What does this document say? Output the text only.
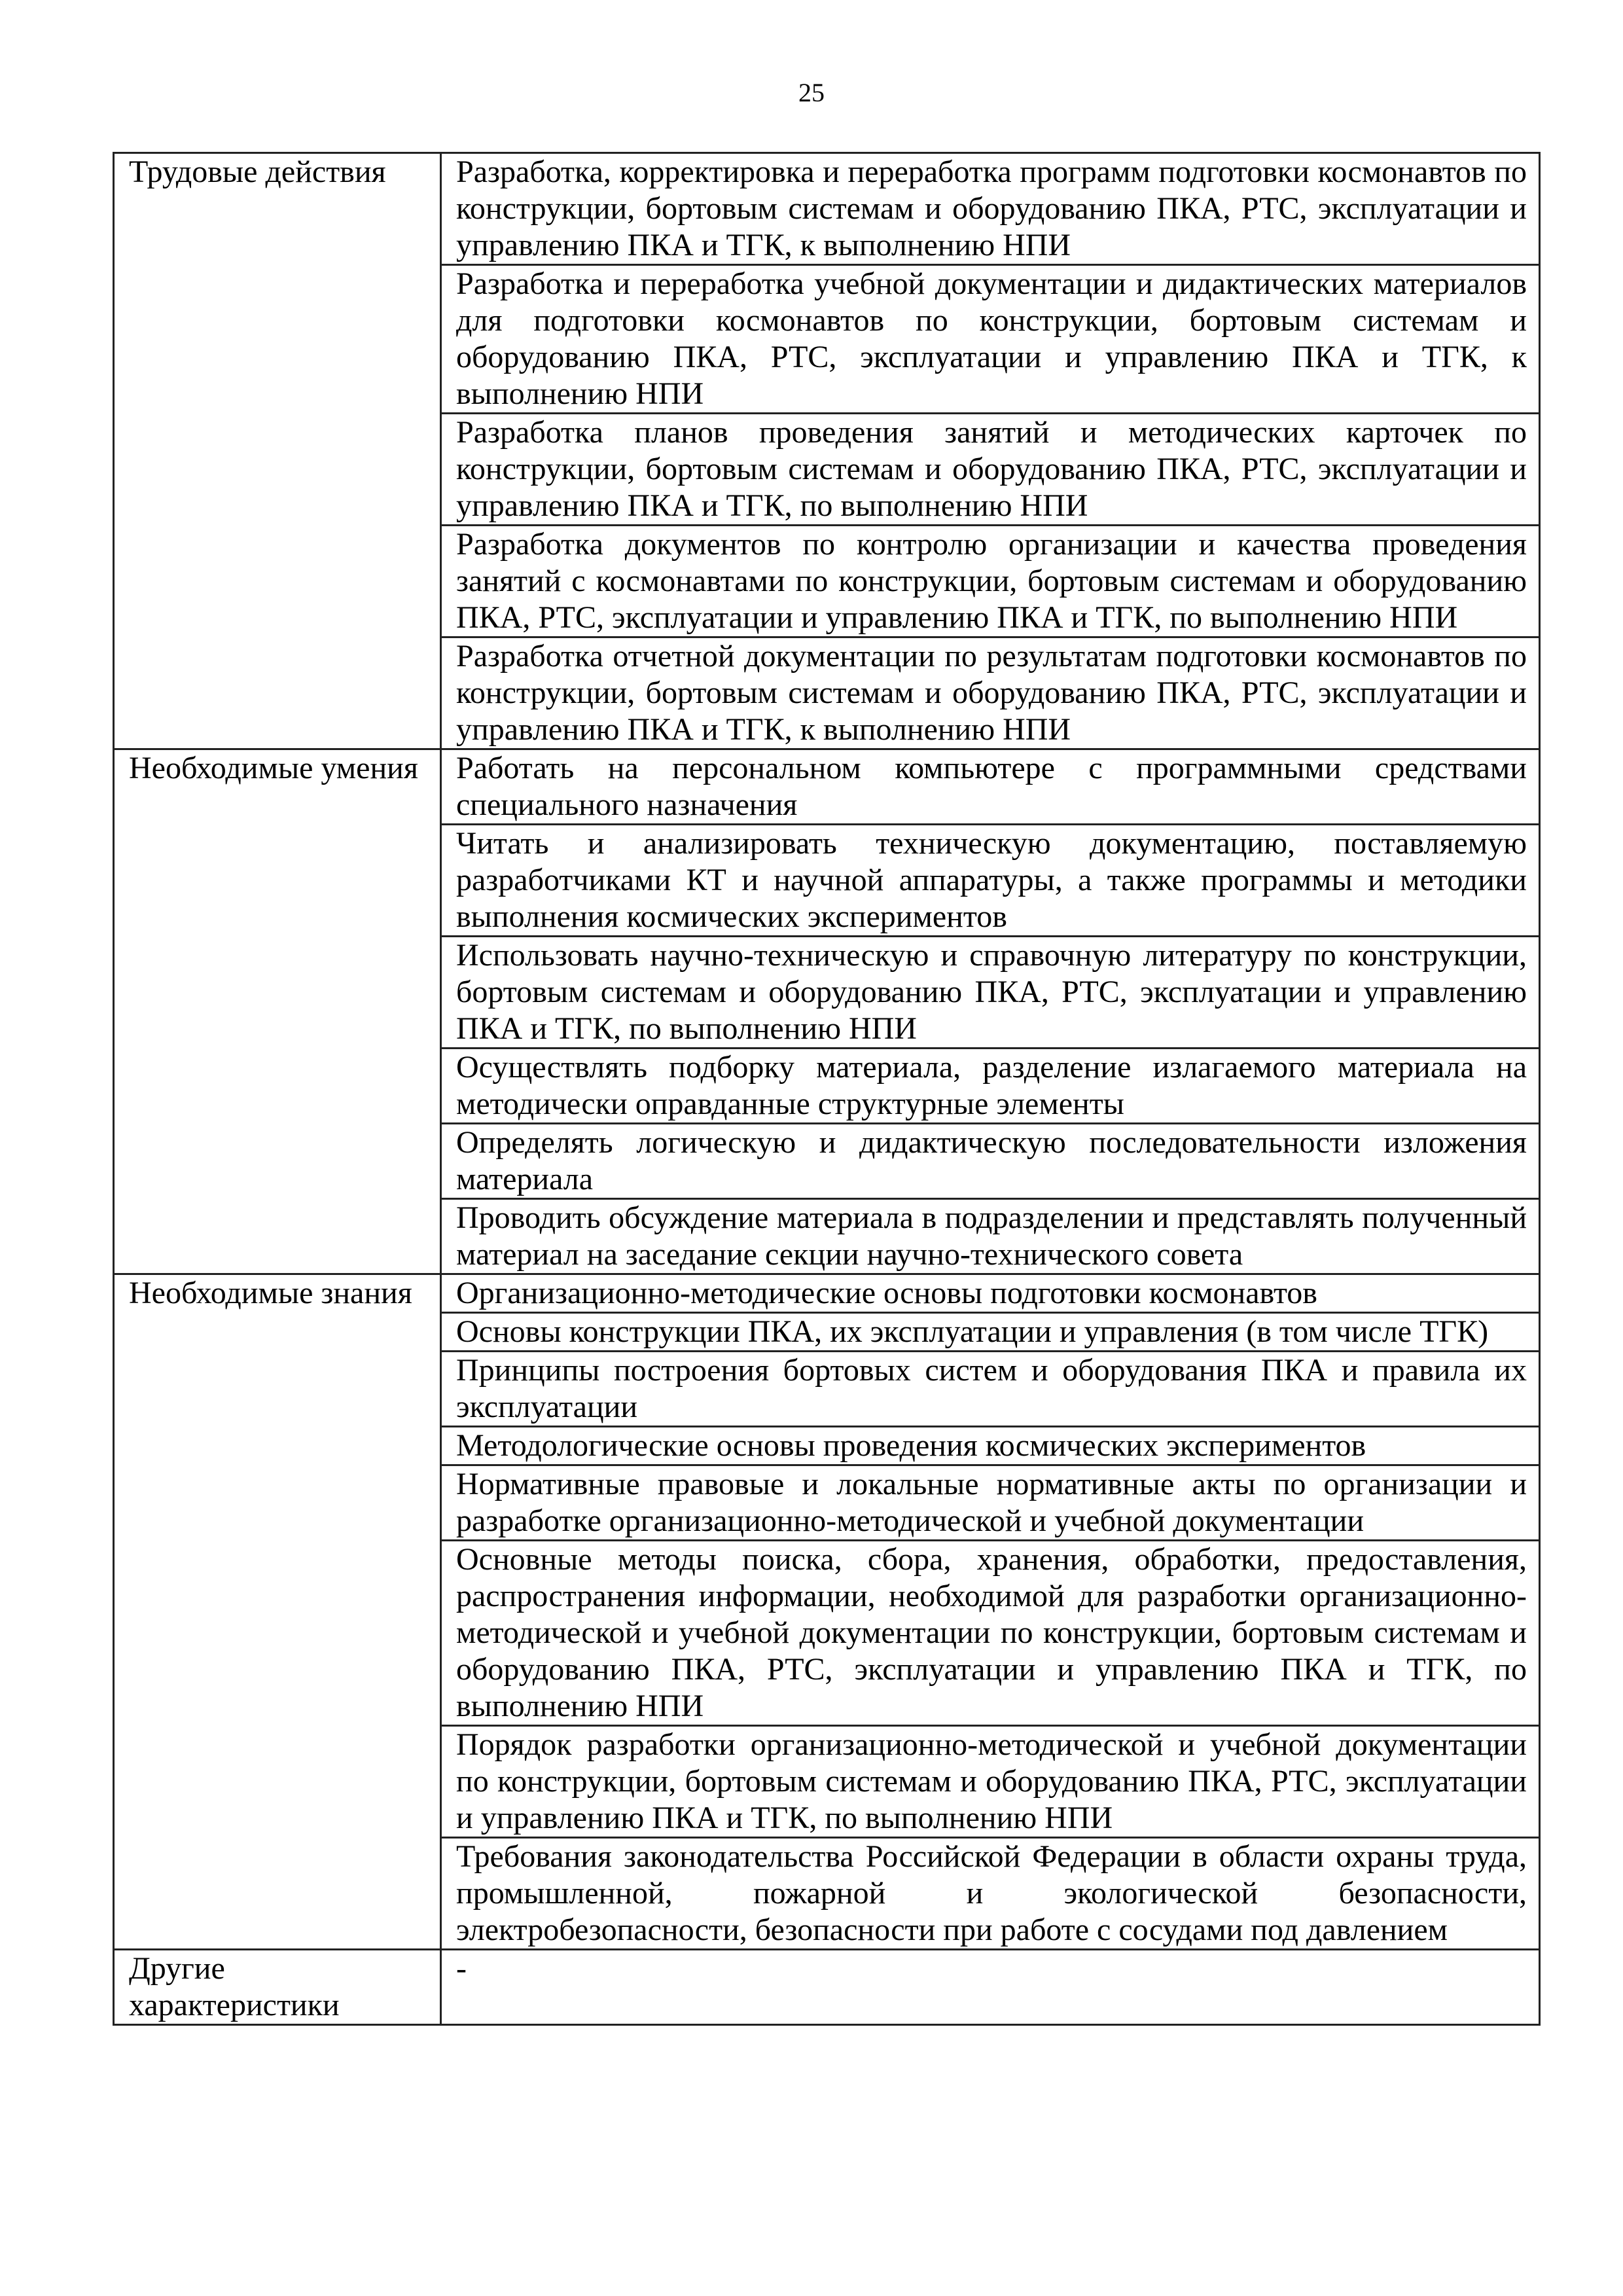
25
Трудовые действия	Разработка, корректировка и переработка программ подготовки космонавтов по конструкции, бортовым системам и оборудованию ПКА, РТС, эксплуатации и управлению ПКА и ТГК, к выполнению НПИ
	Разработка и переработка учебной документации и дидактических материалов для подготовки космонавтов по конструкции, бортовым системам и оборудованию ПКА, РТС, эксплуатации и управлению ПКА и ТГК, к выполнению НПИ
	Разработка планов проведения занятий и методических карточек по конструкции, бортовым системам и оборудованию ПКА, РТС, эксплуатации и управлению ПКА и ТГК, по выполнению НПИ
	Разработка документов по контролю организации и качества проведения занятий с космонавтами по конструкции, бортовым системам и оборудованию ПКА, РТС, эксплуатации и управлению ПКА и ТГК, по выполнению НПИ
	Разработка отчетной документации по результатам подготовки космонавтов по конструкции, бортовым системам и оборудованию ПКА, РТС, эксплуатации и управлению ПКА и ТГК, к выполнению НПИ
Необходимые умения	Работать на персональном компьютере с программными средствами специального назначения
	Читать и анализировать техническую документацию, поставляемую разработчиками КТ и научной аппаратуры, а также программы и методики выполнения космических экспериментов
	Использовать научно-техническую и справочную литературу по конструкции, бортовым системам и оборудованию ПКА, РТС, эксплуатации и управлению ПКА и ТГК, по выполнению НПИ
	Осуществлять подборку материала, разделение излагаемого материала на методически оправданные структурные элементы
	Определять логическую и дидактическую последовательности изложения материала
	Проводить обсуждение материала в подразделении и представлять полученный материал на заседание секции научно-технического совета
Необходимые знания	Организационно-методические основы подготовки космонавтов
	Основы конструкции ПКА, их эксплуатации и управления (в том числе ТГК)
	Принципы построения бортовых систем и оборудования ПКА и правила их эксплуатации
	Методологические основы проведения космических экспериментов
	Нормативные правовые и локальные нормативные акты по организации и разработке организационно-методической и учебной документации
	Основные методы поиска, сбора, хранения, обработки, предоставления, распространения информации, необходимой для разработки организационно-методической и учебной документации по конструкции, бортовым системам и оборудованию ПКА, РТС, эксплуатации и управлению ПКА и ТГК, по выполнению НПИ
	Порядок разработки организационно-методической и учебной документации по конструкции, бортовым системам и оборудованию ПКА, РТС, эксплуатации и управлению ПКА и ТГК, по выполнению НПИ
	Требования законодательства Российской Федерации в области охраны труда, промышленной, пожарной и экологической безопасности, электробезопасности, безопасности при работе с сосудами под давлением
Другие характеристики	-
